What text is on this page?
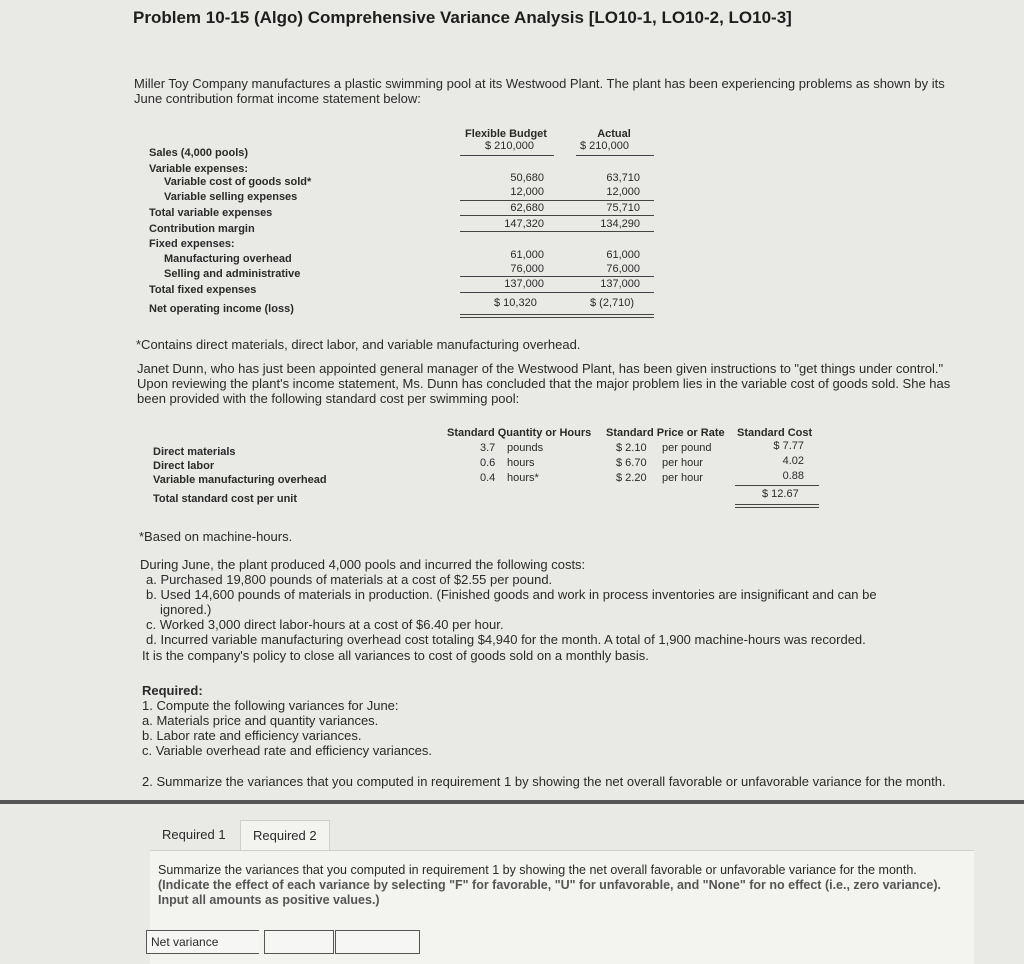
Problem 10-15 (Algo) Comprehensive Variance Analysis [LO10-1, LO10-2, LO10-3]
Miller Toy Company manufactures a plastic swimming pool at its Westwood Plant. The plant has been experiencing problems as shown by its June contribution format income statement below:
Flexible Budget	Actual
Sales (4,000 pools)
Variable expenses:
Variable cost of goods sold*
Variable selling expenses
Total variable expenses
Contribution margin
Fixed expenses:
Manufacturing overhead
Selling and administrative
Total fixed expenses
Net operating income (loss)
$ 210,000
50,680
12,000
62,680
147,320
61,000
76,000
137,000
$ 10,320
$ 210,000
63,710
12,000
75,710
134,290
61,000
76,000
137,000
$ (2,710)
*Contains direct materials, direct labor, and variable manufacturing overhead.
Janet Dunn, who has just been appointed general manager of the Westwood Plant, has been given instructions to "get things under control." Upon reviewing the plant's income statement, Ms. Dunn has concluded that the major problem lies in the variable cost of goods sold. She has been provided with the following standard cost per swimming pool:
Standard Quantity or Hours Standard Price or Rate Standard Cost
Direct materials
Direct labor
Variable manufacturing overhead
Total standard cost per unit
3.7 pounds
0.6 hours
0.4 hours*
$ 2.10 per pound
$ 6.70 per hour
$ 2.20 per hour
$ 7.77
4.02
0.88
$ 12.67
*Based on machine-hours.
During June, the plant produced 4,000 pools and incurred the following costs:
a. Purchased 19,800 pounds of materials at a cost of $2.55 per pound.
b. Used 14,600 pounds of materials in production. (Finished goods and work in process inventories are insignificant and can be
ignored.)
c. Worked 3,000 direct labor-hours at a cost of $6.40 per hour.
d. Incurred variable manufacturing overhead cost totaling $4,940 for the month. A total of 1,900 machine-hours was recorded.
It is the company's policy to close all variances to cost of goods sold on a monthly basis.
Required:
1. Compute the following variances for June:
a. Materials price and quantity variances.
b. Labor rate and efficiency variances.
c. Variable overhead rate and efficiency variances.
2. Summarize the variances that you computed in requirement 1 by showing the net overall favorable or unfavorable variance for the month.
Required 1	Required 2
Summarize the variances that you computed in requirement 1 by showing the net overall favorable or unfavorable variance for the month. (Indicate the effect of each variance by selecting "F" for favorable, "U" for unfavorable, and "None" for no effect (i.e., zero variance). Input all amounts as positive values.)
Net variance
